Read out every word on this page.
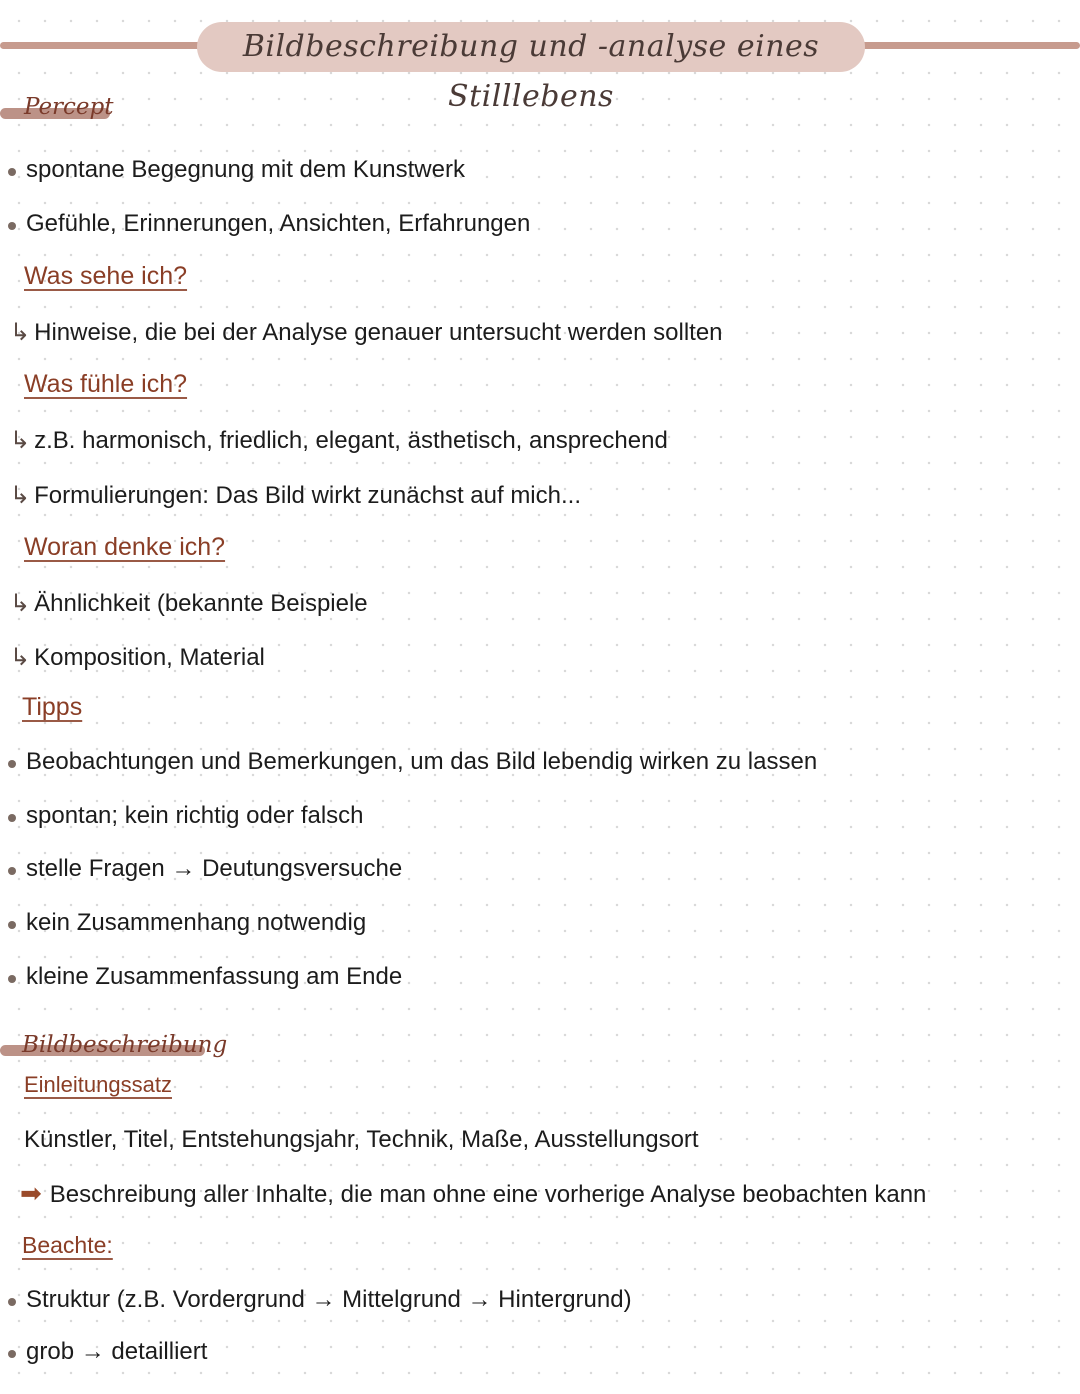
Bildbeschreibung und -analyse eines Stilllebens
Percept
spontane Begegnung mit dem Kunstwerk
Gefühle, Erinnerungen, Ansichten, Erfahrungen
Was sehe ich?
↳ Hinweise, die bei der Analyse genauer untersucht werden sollten
Was fühle ich?
↳ z.B. harmonisch, friedlich, elegant, ästhetisch, ansprechend
↳ Formulierungen: Das Bild wirkt zunächst auf mich...
Woran denke ich?
↳ Ähnlichkeit (bekannte Beispiele
↳ Komposition, Material
Tipps
Beobachtungen und Bemerkungen, um das Bild lebendig wirken zu lassen
spontan; kein richtig oder falsch
stelle Fragen → Deutungsversuche
kein Zusammenhang notwendig
kleine Zusammenfassung am Ende
Bildbeschreibung
Einleitungssatz
Künstler, Titel, Entstehungsjahr, Technik, Maße, Ausstellungsort
➡ Beschreibung aller Inhalte, die man ohne eine vorherige Analyse beobachten kann
Beachte:
Struktur (z.B. Vordergrund → Mittelgrund → Hintergrund)
grob → detailliert
